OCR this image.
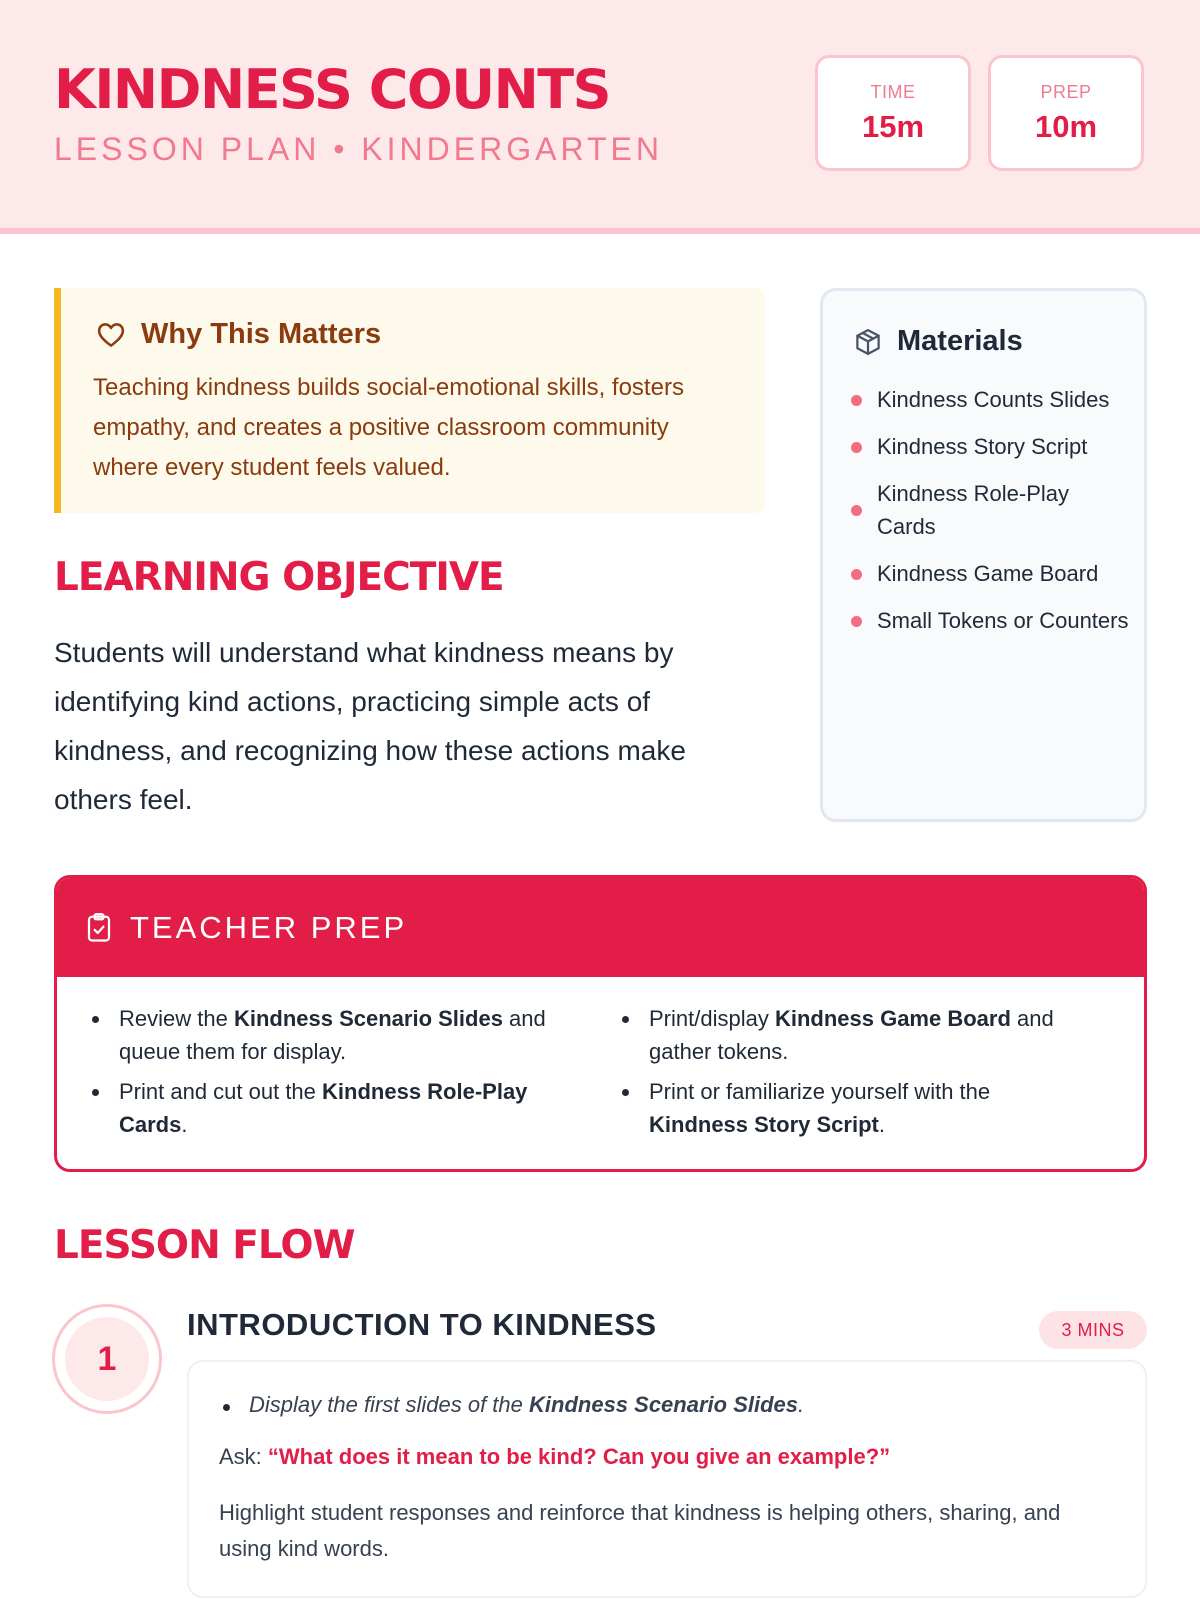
KINDNESS COUNTS
LESSON PLAN • KINDERGARTEN
TIME
15m
PREP
10m
Why This Matters
Teaching kindness builds social-emotional skills, fosters empathy, and creates a positive classroom community where every student feels valued.
LEARNING OBJECTIVE
Students will understand what kindness means by identifying kind actions, practicing simple acts of kindness, and recognizing how these actions make others feel.
Materials
Kindness Counts Slides
Kindness Story Script
Kindness Role-Play Cards
Kindness Game Board
Small Tokens or Counters
TEACHER PREP
Review the Kindness Scenario Slides and queue them for display.
Print and cut out the Kindness Role-Play Cards.
Print/display Kindness Game Board and gather tokens.
Print or familiarize yourself with the Kindness Story Script.
LESSON FLOW
1
INTRODUCTION TO KINDNESS	3 MINS
Display the first slides of the Kindness Scenario Slides.
Ask: “What does it mean to be kind? Can you give an example?”
Highlight student responses and reinforce that kindness is helping others, sharing, and using kind words.
